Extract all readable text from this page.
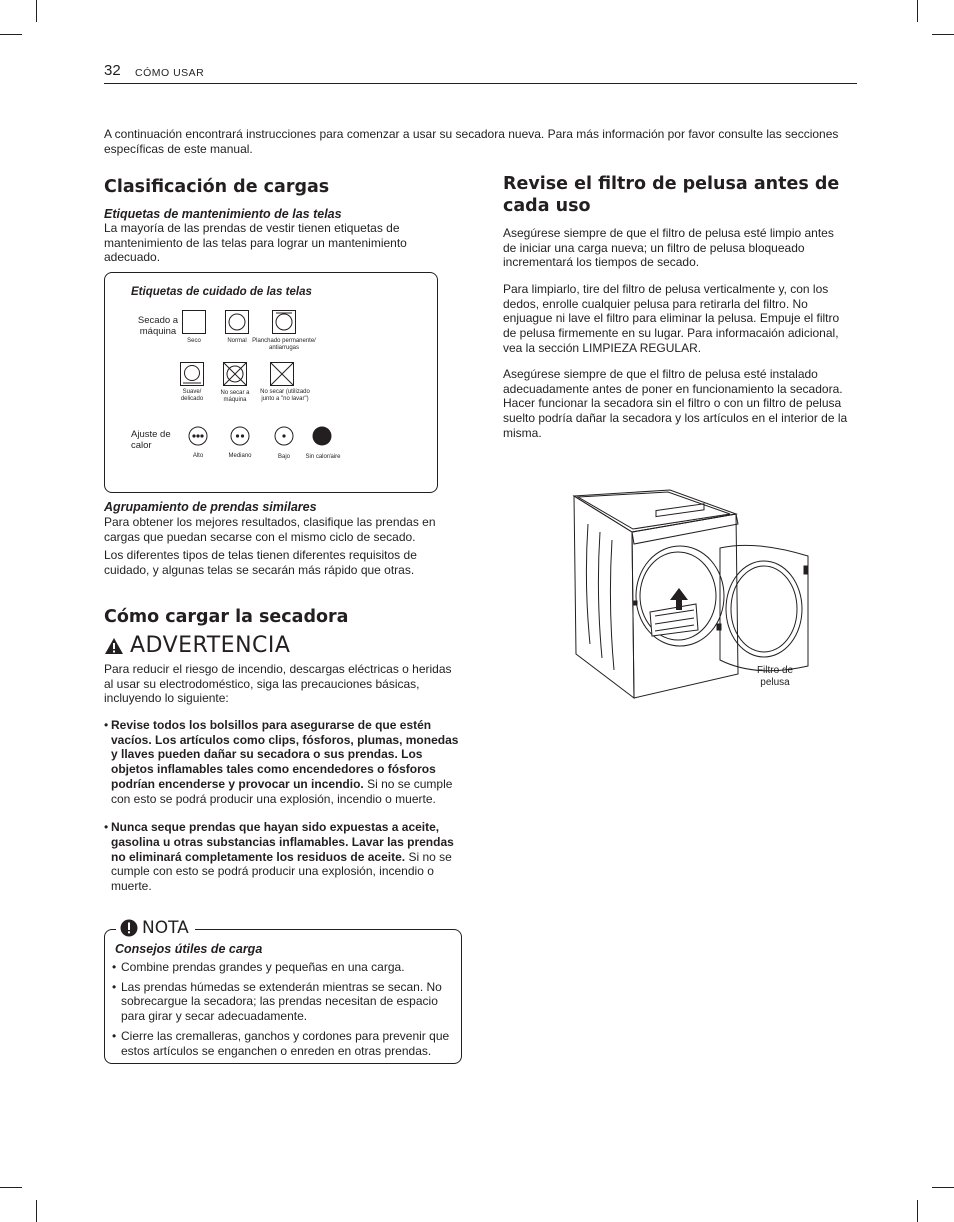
32 CÓMO USAR

A continuación encontrará instrucciones para comenzar a usar su secadora nueva. Para más información por favor consulte las secciones específicas de este manual.

Clasificación de cargas
Etiquetas de mantenimiento de las telas

La mayoría de las prendas de vestir tienen etiquetas de mantenimiento de las telas para lograr un mantenimiento adecuado.

Etiquetas de cuidado de las telas
Secado a máquina
Seco	Normal Planchado permanente/ antiarrugas
Suave/ delicado
No secar a máquina
No secar (utilizado junto a "no lavar")
Ajuste de calor
Alto	Mediano	Bajo	Sin calor/aire
Agrupamiento de prendas similares

Para obtener los mejores resultados, clasifique las prendas en cargas que puedan secarse con el mismo ciclo de secado.

Los diferentes tipos de telas tienen diferentes requisitos de cuidado, y algunas telas se secarán más rápido que otras.

Cómo cargar la secadora
ADVERTENCIA

Para reducir el riesgo de incendio, descargas eléctricas o heridas al usar su electrodoméstico, siga las precauciones básicas, incluyendo lo siguiente:

• Revise todos los bolsillos para asegurarse de que estén vacíos. Los artículos como clips, fósforos, plumas, monedas y llaves pueden dañar su secadora o sus prendas. Los objetos inflamables tales como encendedores o fósforos podrían encenderse y provocar un incendio. Si no se cumple con esto se podrá producir una explosión, incendio o muerte.
• Nunca seque prendas que hayan sido expuestas a aceite, gasolina u otras substancias inflamables. Lavar las prendas no eliminará completamente los residuos de aceite. Si no se cumple con esto se podrá producir una explosión, incendio o muerte.
NOTA
Consejos útiles de carga
• Combine prendas grandes y pequeñas en una carga.
• Las prendas húmedas se extenderán mientras se secan. No sobrecargue la secadora; las prendas necesitan de espacio para girar y secar adecuadamente.
• Cierre las cremalleras, ganchos y cordones para prevenir que estos artículos se enganchen o enreden en otras prendas.
Revise el filtro de pelusa antes de cada uso

Asegúrese siempre de que el filtro de pelusa esté limpio antes de iniciar una carga nueva; un filtro de pelusa bloqueado incrementará los tiempos de secado.

Para limpiarlo, tire del filtro de pelusa verticalmente y, con los dedos, enrolle cualquier pelusa para retirarla del filtro. No enjuague ni lave el filtro para eliminar la pelusa. Empuje el filtro de pelusa firmemente en su lugar. Para informacaión adicional, vea la sección LIMPIEZA REGULAR.

Asegúrese siempre de que el filtro de pelusa esté instalado adecuadamente antes de poner en funcionamiento la secadora. Hacer funcionar la secadora sin el filtro o con un filtro de pelusa suelto podría dañar la secadora y los artículos en el interior de la misma.

Filtro de pelusa
